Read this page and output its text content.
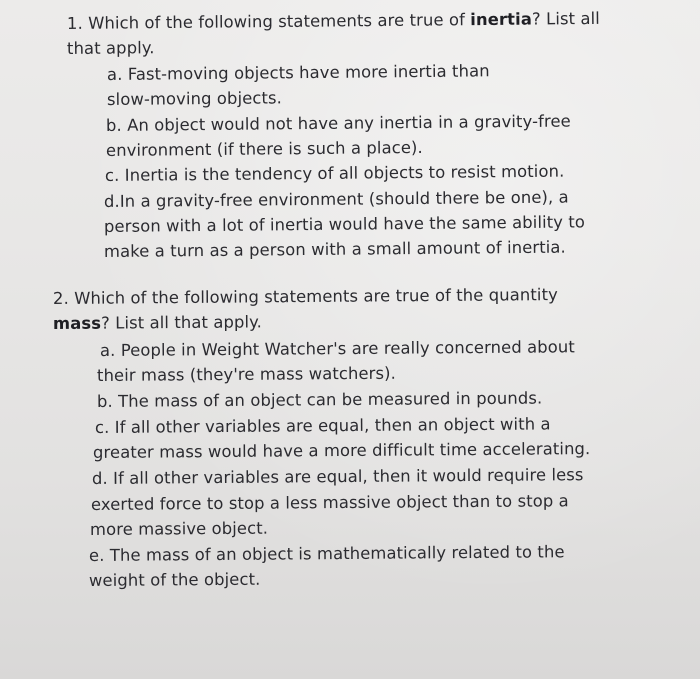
1. Which of the following statements are true of inertia? List all
that apply.
a. Fast-moving objects have more inertia than
slow-moving objects.
b. An object would not have any inertia in a gravity-free
environment (if there is such a place).
c. Inertia is the tendency of all objects to resist motion.
d.In a gravity-free environment (should there be one), a
person with a lot of inertia would have the same ability to
make a turn as a person with a small amount of inertia.
2. Which of the following statements are true of the quantity
mass? List all that apply.
a. People in Weight Watcher's are really concerned about
their mass (they're mass watchers).
b. The mass of an object can be measured in pounds.
c. If all other variables are equal, then an object with a
greater mass would have a more difficult time accelerating.
d. If all other variables are equal, then it would require less
exerted force to stop a less massive object than to stop a
more massive object.
e. The mass of an object is mathematically related to the
weight of the object.
